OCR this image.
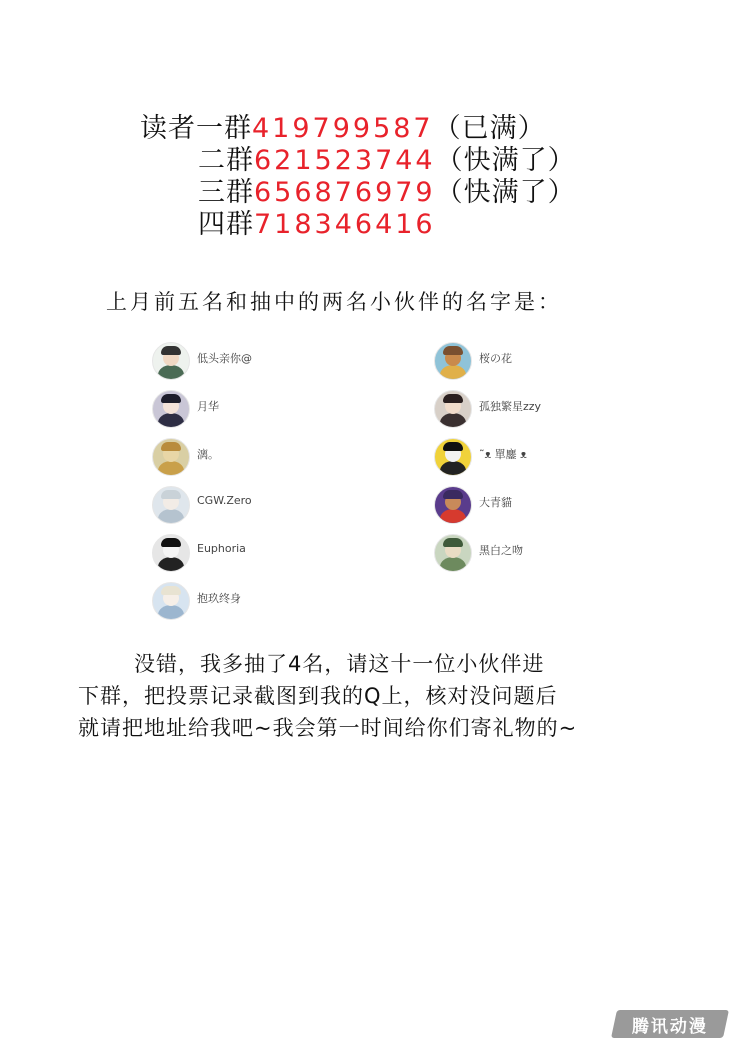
读者一群419799587（已满）
二群621523744（快满了）
三群656876979（快满了）
四群718346416
上月前五名和抽中的两名小伙伴的名字是：
低头亲你@
月华
漓。
CGW.Zero
Euphoria
抱玖终身
桜の花
孤独繁星zzy
˜ᴥ 單鏖 ᴥ
大青貓
黑白之吻
没错，我多抽了4名，请这十一位小伙伴进
下群，把投票记录截图到我的Q上，核对没问题后
就请把地址给我吧~我会第一时间给你们寄礼物的~
腾讯动漫
